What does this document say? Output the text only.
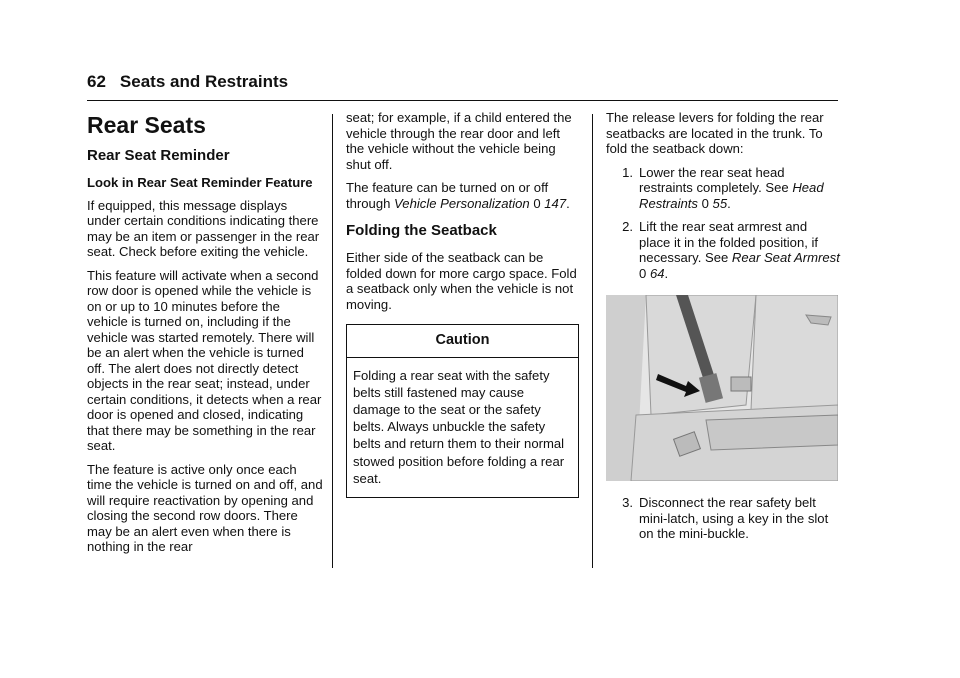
62 Seats and Restraints
Rear Seats
Rear Seat Reminder
Look in Rear Seat Reminder Feature

If equipped, this message displays under certain conditions indicating there may be an item or passenger in the rear seat. Check before exiting the vehicle.

This feature will activate when a second row door is opened while the vehicle is on or up to 10 minutes before the vehicle is turned on, including if the vehicle was started remotely. There will be an alert when the vehicle is turned off. The alert does not directly detect objects in the rear seat; instead, under certain conditions, it detects when a rear door is opened and closed, indicating that there may be something in the rear seat.

The feature is active only once each time the vehicle is turned on and off, and will require reactivation by opening and closing the second row doors. There may be an alert even when there is nothing in the rear

seat; for example, if a child entered the vehicle through the rear door and left the vehicle without the vehicle being shut off.

The feature can be turned on or off through Vehicle Personalization 0 147.

Folding the Seatback

Either side of the seatback can be folded down for more cargo space. Fold a seatback only when the vehicle is not moving.

Caution
Folding a rear seat with the safety belts still fastened may cause damage to the seat or the safety belts. Always unbuckle the safety belts and return them to their normal stowed position before folding a rear seat.

The release levers for folding the rear seatbacks are located in the trunk. To fold the seatback down:

1. Lower the rear seat head restraints completely. See Head Restraints 0 55.
2. Lift the rear seat armrest and place it in the folded position, if necessary. See Rear Seat Armrest 0 64.
3. Disconnect the rear safety belt mini-latch, using a key in the slot on the mini-buckle.
